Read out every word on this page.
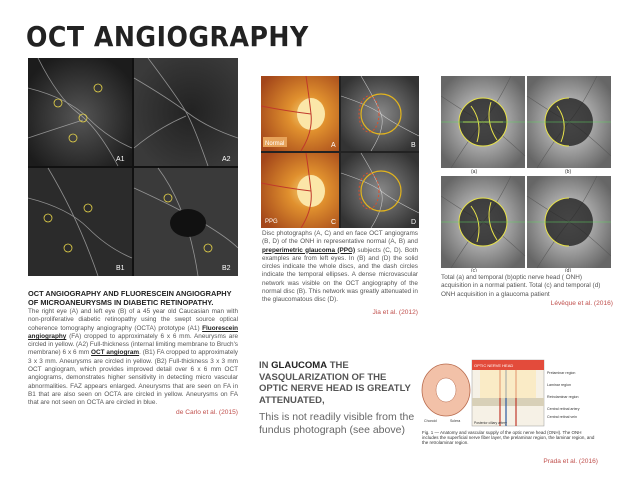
OCT ANGIOGRAPHY
A1	A2
B1	B2
OCT ANGIOGRAPHY AND FLUORESCEIN ANGIOGRAPHY OF MICROANEURYSMS IN DIABETIC RETINOPATHY.
The right eye (A) and left eye (B) of a 45 year old Caucasian man with non-proliferative diabetic retinopathy using the swept source optical coherence tomography angiography (OCTA) prototype (A1) Fluorescein angiography (FA) cropped to approximately 6 x 6 mm. Aneurysms are circled in yellow. (A2) Full-thickness (internal limiting membrane to Bruch's membrane) 6 x 6 mm OCT angiogram. (B1) FA cropped to approximately 3 x 3 mm. Aneurysms are circled in yellow. (B2) Full-thickness 3 x 3 mm OCT angiogram, which provides improved detail over 6 x 6 mm OCT angiograms, demonstrates higher sensitivity in detecting micro vascular abnormalities. FAZ appears enlarged. Aneurysms that are seen on FA in B1 that are also seen on OCTA are circled in yellow. Aneurysms on FA that are not seen on OCTA are circled in blue.
de Carlo et al. (2015)
Normal
PPG
A	B
C	D
Disc photographs (A, C) and en face OCT angiograms (B, D) of the ONH in representative normal (A, B) and preperimetric glaucoma (PPG) subjects (C, D). Both examples are from left eyes. In (B) and (D) the solid circles indicate the whole discs, and the dash circles indicate the temporal ellipses. A dense microvascular network was visible on the OCT angiography of the normal disc (B). This network was greatly attenuated in the glaucomatous disc (D).
Jia et al. (2012)
(a)	(b)
(c)	(d)
Total (a) and temporal (b)optic nerve head ( ONH) acquisition in a normal patient. Total (c) and temporal (d) ONH acquisition in a glaucoma patient
Lévêque et al. (2016)
IN GLAUCOMA THE VASQULARIZATION OF THE OPTIC NERVE HEAD IS GREATLY ATTENUATED,
This is not readily visible from the fundus photograph (see above)
OPTIC NERVE HEAD
Prelaminar region
Laminar region
Retrolaminar region
Central retinal artery
Central retinal vein
Posterior ciliary artery
Choroid	Sclera
Fig. 1 — Anatomy and vascular supply of the optic nerve head (ONH). The ONH includes the superficial nerve fiber layer, the prelaminar region, the laminar region, and the retrolaminar region.
Prada et al. (2016)
